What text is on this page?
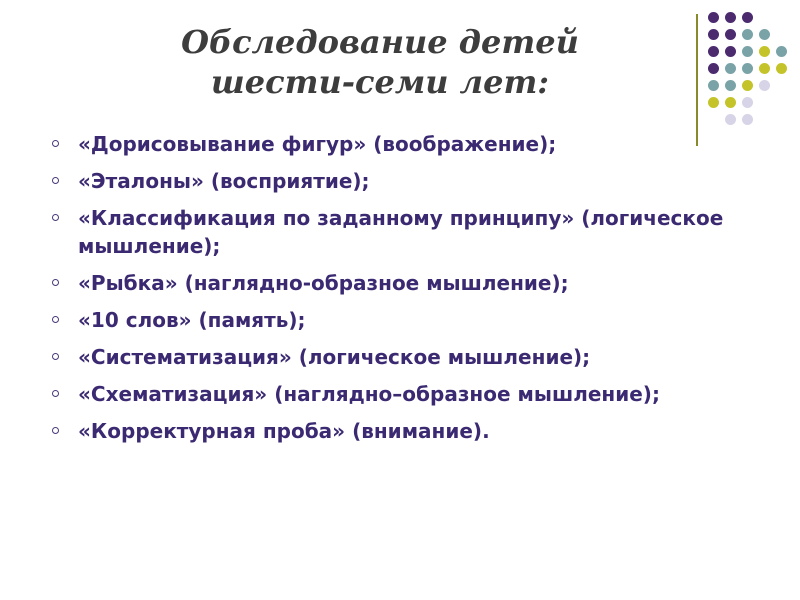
Обследование детей
шести-семи лет:
«Дорисовывание фигур» (воображение);
«Эталоны» (восприятие);
«Классификация по заданному принципу» (логическое мышление);
«Рыбка» (наглядно-образное мышление);
«10 слов» (память);
«Систематизация» (логическое мышление);
«Схематизация» (наглядно–образное мышление);
«Корректурная проба» (внимание).
